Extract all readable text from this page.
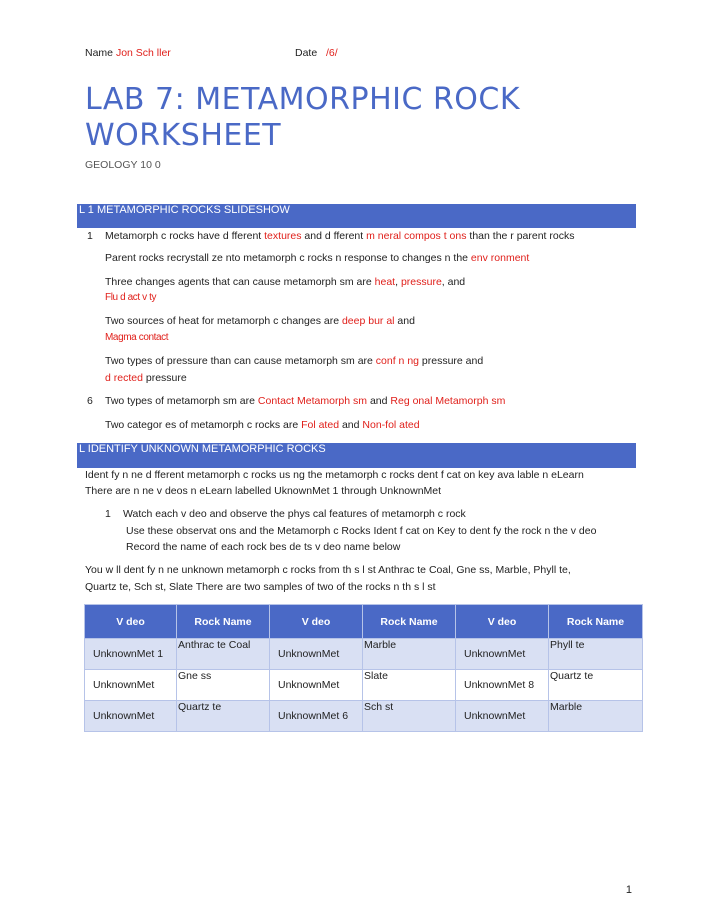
Name Jon Sch ller	Date /6/
LAB 7: METAMORPHIC ROCK WORKSHEET
GEOLOGY 10 0
L 1 METAMORPHIC ROCKS SLIDESHOW
1 Metamorph c rocks have d fferent textures and d fferent m neral compos t ons than the r parent rocks
Parent rocks recrystall ze nto metamorph c rocks n response to changes n the env ronment
Three changes agents that can cause metamorph sm are heat, pressure, and
Flu d act v ty
Two sources of heat for metamorph c changes are deep bur al and
Magma contact
Two types of pressure than can cause metamorph sm are conf n ng pressure and
d rected pressure
6 Two types of metamorph sm are Contact Metamorph sm and Reg onal Metamorph sm
Two categor es of metamorph c rocks are Fol ated and Non-fol ated
L IDENTIFY UNKNOWN METAMORPHIC ROCKS
Ident fy n ne d fferent metamorph c rocks us ng the metamorph c rocks dent f cat on key ava lable n eLearn
There are n ne v deos n eLearn labelled UknownMet 1 through UnknownMet
1 Watch each v deo and observe the phys cal features of metamorph c rock
Use these observat ons and the Metamorph c Rocks Ident f cat on Key to dent fy the rock n the v deo
Record the name of each rock bes de ts v deo name below
You w ll dent fy n ne unknown metamorph c rocks from th s l st Anthrac te Coal, Gne ss, Marble, Phyll te,
Quartz te, Sch st, Slate There are two samples of two of the rocks n th s l st
V deo	Rock Name	V deo	Rock Name	V deo	Rock Name
UnknownMet 1	Anthrac te Coal	UnknownMet	Marble	UnknownMet	Phyll te
UnknownMet	Gne ss	UnknownMet	Slate	UnknownMet 8	Quartz te
UnknownMet	Quartz te	UnknownMet 6	Sch st	UnknownMet	Marble
1
